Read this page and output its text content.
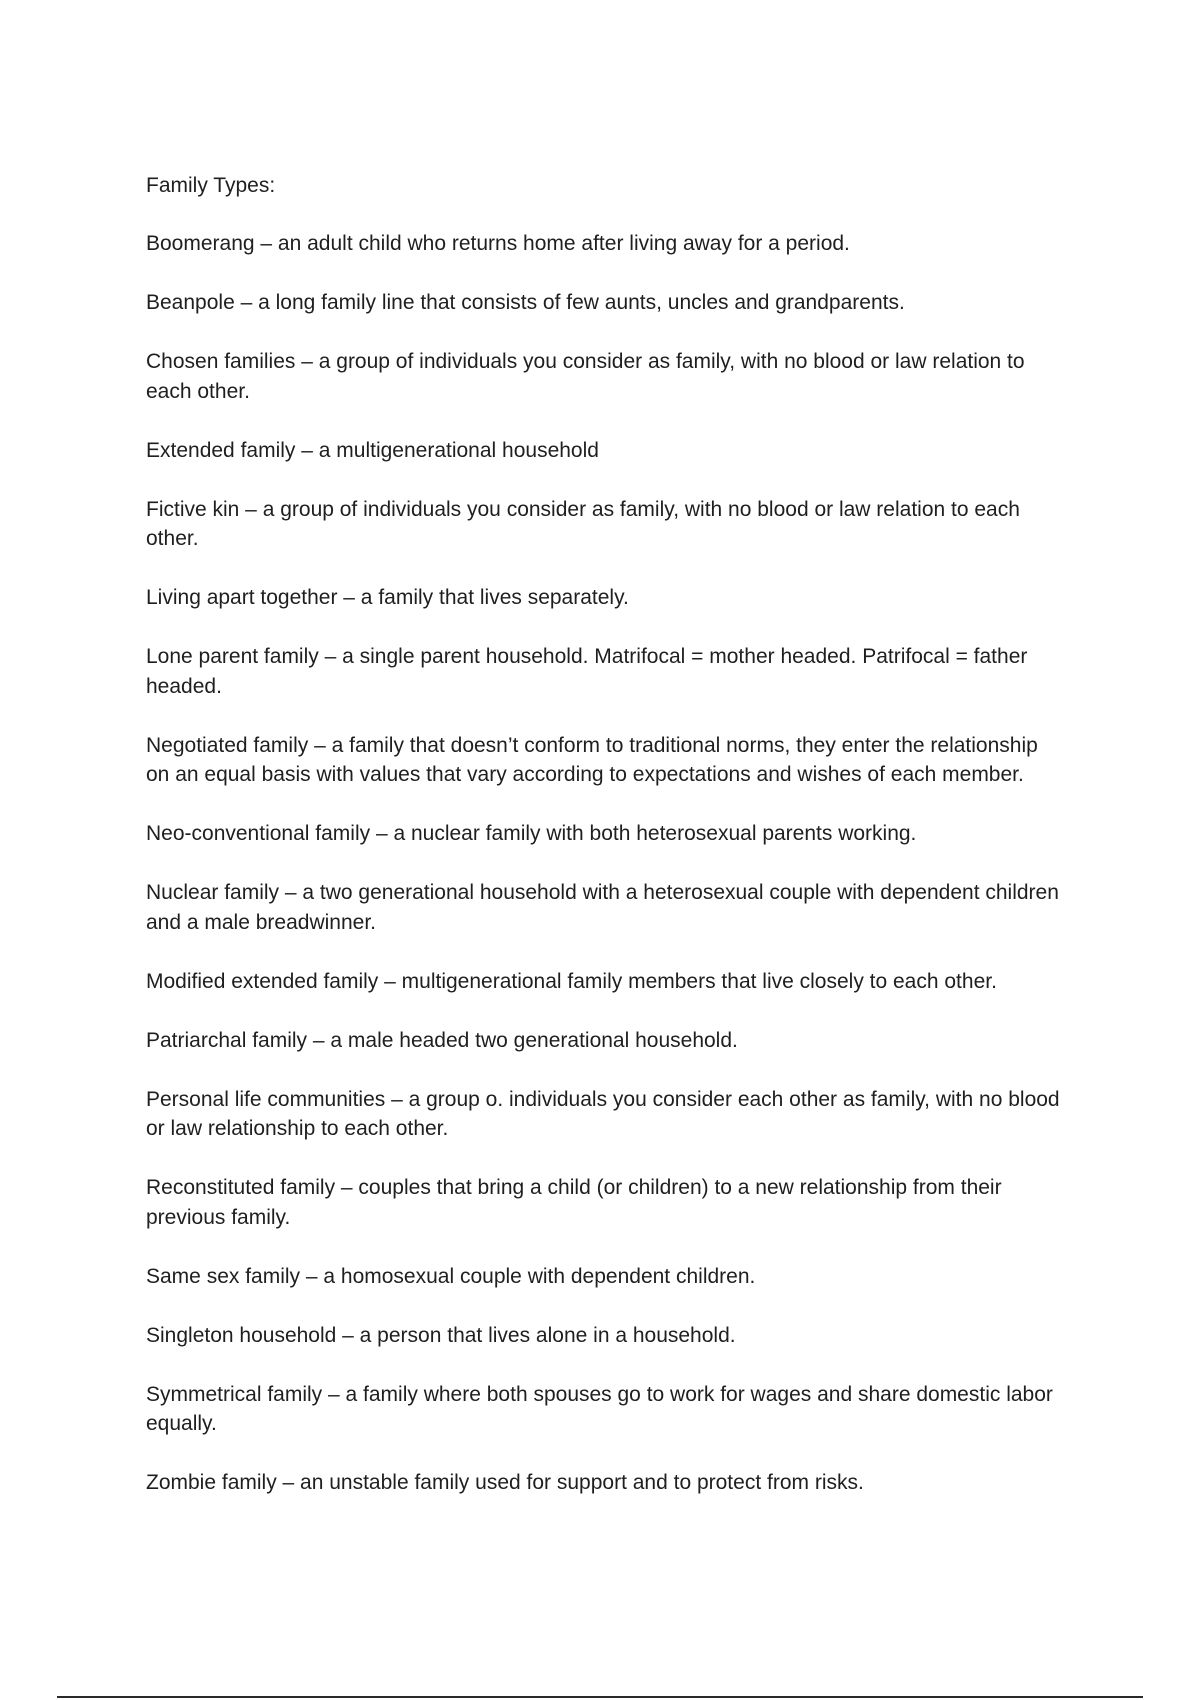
Family Types:
Boomerang – an adult child who returns home after living away for a period.
Beanpole – a long family line that consists of few aunts, uncles and grandparents.
Chosen families – a group of individuals you consider as family, with no blood or law relation to each other.
Extended family – a multigenerational household
Fictive kin – a group of individuals you consider as family, with no blood or law relation to each other.
Living apart together – a family that lives separately.
Lone parent family – a single parent household. Matrifocal = mother headed. Patrifocal = father headed.
Negotiated family – a family that doesn’t conform to traditional norms, they enter the relationship on an equal basis with values that vary according to expectations and wishes of each member.
Neo-conventional family – a nuclear family with both heterosexual parents working.
Nuclear family – a two generational household with a heterosexual couple with dependent children and a male breadwinner.
Modified extended family – multigenerational family members that live closely to each other.
Patriarchal family – a male headed two generational household.
Personal life communities – a group o. individuals you consider each other as family, with no blood or law relationship to each other.
Reconstituted family – couples that bring a child (or children) to a new relationship from their previous family.
Same sex family – a homosexual couple with dependent children.
Singleton household – a person that lives alone in a household.
Symmetrical family – a family where both spouses go to work for wages and share domestic labor equally.
Zombie family – an unstable family used for support and to protect from risks.
